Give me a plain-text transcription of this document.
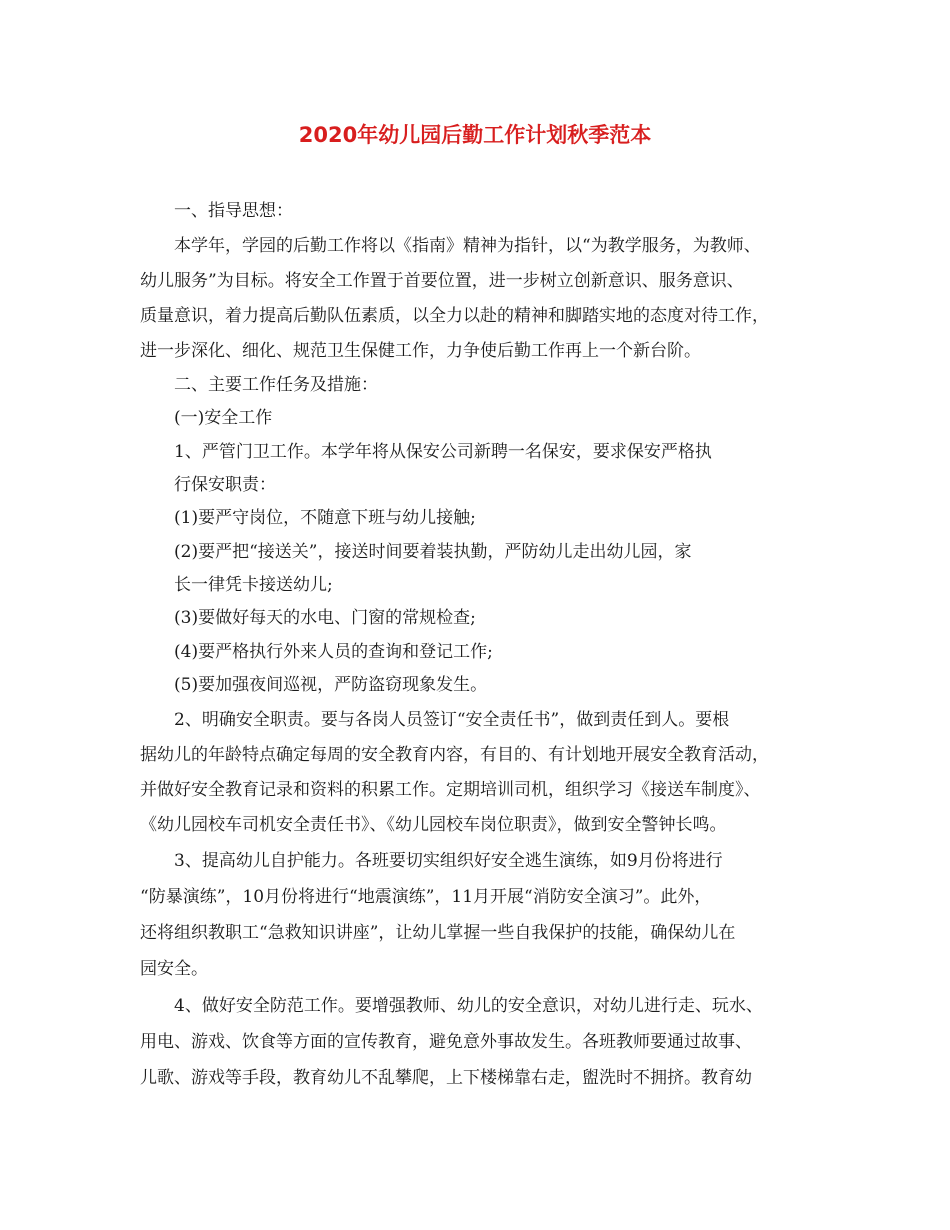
2020年幼儿园后勤工作计划秋季范本
一、指导思想：
本学年，学园的后勤工作将以《指南》精神为指针，以“为教学服务，为教师、
幼儿服务”为目标。将安全工作置于首要位置，进一步树立创新意识、服务意识、
质量意识，着力提高后勤队伍素质，以全力以赴的精神和脚踏实地的态度对待工作，
进一步深化、细化、规范卫生保健工作，力争使后勤工作再上一个新台阶。
二、主要工作任务及措施：
(一)安全工作
1、严管门卫工作。本学年将从保安公司新聘一名保安，要求保安严格执
行保安职责：
(1)要严守岗位，不随意下班与幼儿接触;
(2)要严把“接送关”，接送时间要着装执勤，严防幼儿走出幼儿园，家
长一律凭卡接送幼儿;
(3)要做好每天的水电、门窗的常规检查;
(4)要严格执行外来人员的查询和登记工作;
(5)要加强夜间巡视，严防盗窃现象发生。
2、明确安全职责。要与各岗人员签订“安全责任书”，做到责任到人。要根
据幼儿的年龄特点确定每周的安全教育内容，有目的、有计划地开展安全教育活动，
并做好安全教育记录和资料的积累工作。定期培训司机，组织学习《接送车制度》、
《幼儿园校车司机安全责任书》、《幼儿园校车岗位职责》，做到安全警钟长鸣。
3、提高幼儿自护能力。各班要切实组织好安全逃生演练，如9月份将进行
“防暴演练”，10月份将进行“地震演练”，11月开展“消防安全演习”。此外，
还将组织教职工“急救知识讲座”，让幼儿掌握一些自我保护的技能，确保幼儿在
园安全。
4、做好安全防范工作。要增强教师、幼儿的安全意识，对幼儿进行走、玩水、
用电、游戏、饮食等方面的宣传教育，避免意外事故发生。各班教师要通过故事、
儿歌、游戏等手段，教育幼儿不乱攀爬，上下楼梯靠右走，盥洗时不拥挤。教育幼
